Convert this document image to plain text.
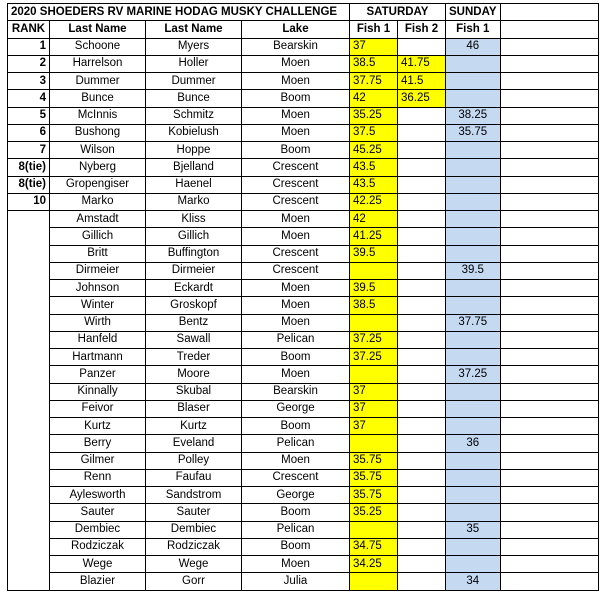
2020 SHOEDERS RV MARINE HODAG MUSKY CHALLENGE				SATURDAY		SUNDAY	
RANK	Last Name	Last Name	Lake	Fish 1	Fish 2	Fish 1	
1	Schoone	Myers	Bearskin	37		46	
2	Harrelson	Holler	Moen	38.5	41.75		
3	Dummer	Dummer	Moen	37.75	41.5		
4	Bunce	Bunce	Boom	42	36.25		
5	McInnis	Schmitz	Moen	35.25		38.25	
6	Bushong	Kobielush	Moen	37.5		35.75	
7	Wilson	Hoppe	Boom	45.25			
8(tie)	Nyberg	Bjelland	Crescent	43.5			
8(tie)	Gropengiser	Haenel	Crescent	43.5			
10	Marko	Marko	Crescent	42.25			
	Amstadt	Kliss	Moen	42			
	Gillich	Gillich	Moen	41.25			
	Britt	Buffington	Crescent	39.5			
	Dirmeier	Dirmeier	Crescent			39.5	
	Johnson	Eckardt	Moen	39.5			
	Winter	Groskopf	Moen	38.5			
	Wirth	Bentz	Moen			37.75	
	Hanfeld	Sawall	Pelican	37.25			
	Hartmann	Treder	Boom	37.25			
	Panzer	Moore	Moen			37.25	
	Kinnally	Skubal	Bearskin	37			
	Feivor	Blaser	George	37			
	Kurtz	Kurtz	Boom	37			
	Berry	Eveland	Pelican			36	
	Gilmer	Polley	Moen	35.75			
	Renn	Faufau	Crescent	35.75			
	Aylesworth	Sandstrom	George	35.75			
	Sauter	Sauter	Boom	35.25			
	Dembiec	Dembiec	Pelican			35	
	Rodziczak	Rodziczak	Boom	34.75			
	Wege	Wege	Moen	34.25			
	Blazier	Gorr	Julia			34	
